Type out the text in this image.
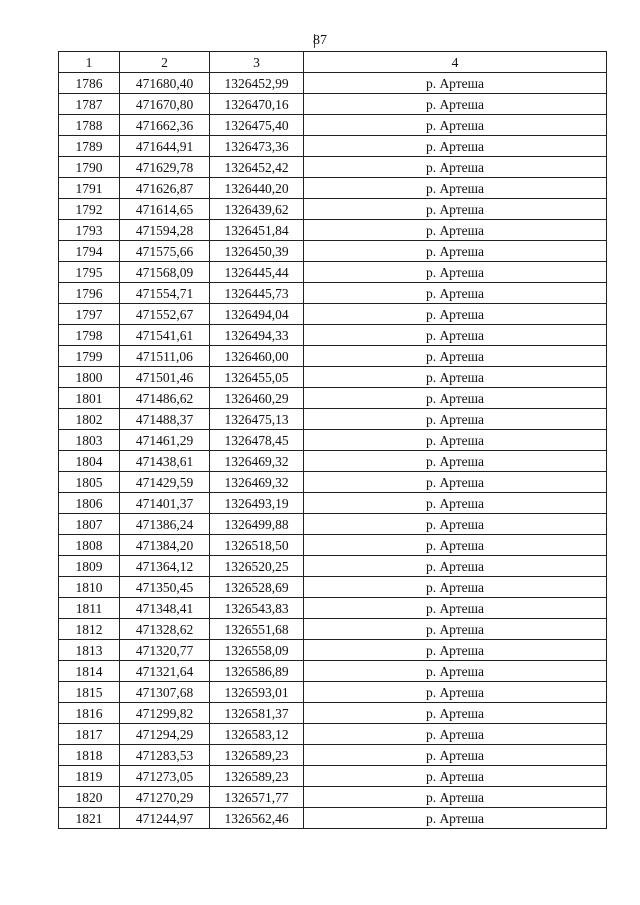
87
1	2	3	4
1786	471680,40	1326452,99	р. Артеша
1787	471670,80	1326470,16	р. Артеша
1788	471662,36	1326475,40	р. Артеша
1789	471644,91	1326473,36	р. Артеша
1790	471629,78	1326452,42	р. Артеша
1791	471626,87	1326440,20	р. Артеша
1792	471614,65	1326439,62	р. Артеша
1793	471594,28	1326451,84	р. Артеша
1794	471575,66	1326450,39	р. Артеша
1795	471568,09	1326445,44	р. Артеша
1796	471554,71	1326445,73	р. Артеша
1797	471552,67	1326494,04	р. Артеша
1798	471541,61	1326494,33	р. Артеша
1799	471511,06	1326460,00	р. Артеша
1800	471501,46	1326455,05	р. Артеша
1801	471486,62	1326460,29	р. Артеша
1802	471488,37	1326475,13	р. Артеша
1803	471461,29	1326478,45	р. Артеша
1804	471438,61	1326469,32	р. Артеша
1805	471429,59	1326469,32	р. Артеша
1806	471401,37	1326493,19	р. Артеша
1807	471386,24	1326499,88	р. Артеша
1808	471384,20	1326518,50	р. Артеша
1809	471364,12	1326520,25	р. Артеша
1810	471350,45	1326528,69	р. Артеша
1811	471348,41	1326543,83	р. Артеша
1812	471328,62	1326551,68	р. Артеша
1813	471320,77	1326558,09	р. Артеша
1814	471321,64	1326586,89	р. Артеша
1815	471307,68	1326593,01	р. Артеша
1816	471299,82	1326581,37	р. Артеша
1817	471294,29	1326583,12	р. Артеша
1818	471283,53	1326589,23	р. Артеша
1819	471273,05	1326589,23	р. Артеша
1820	471270,29	1326571,77	р. Артеша
1821	471244,97	1326562,46	р. Артеша
